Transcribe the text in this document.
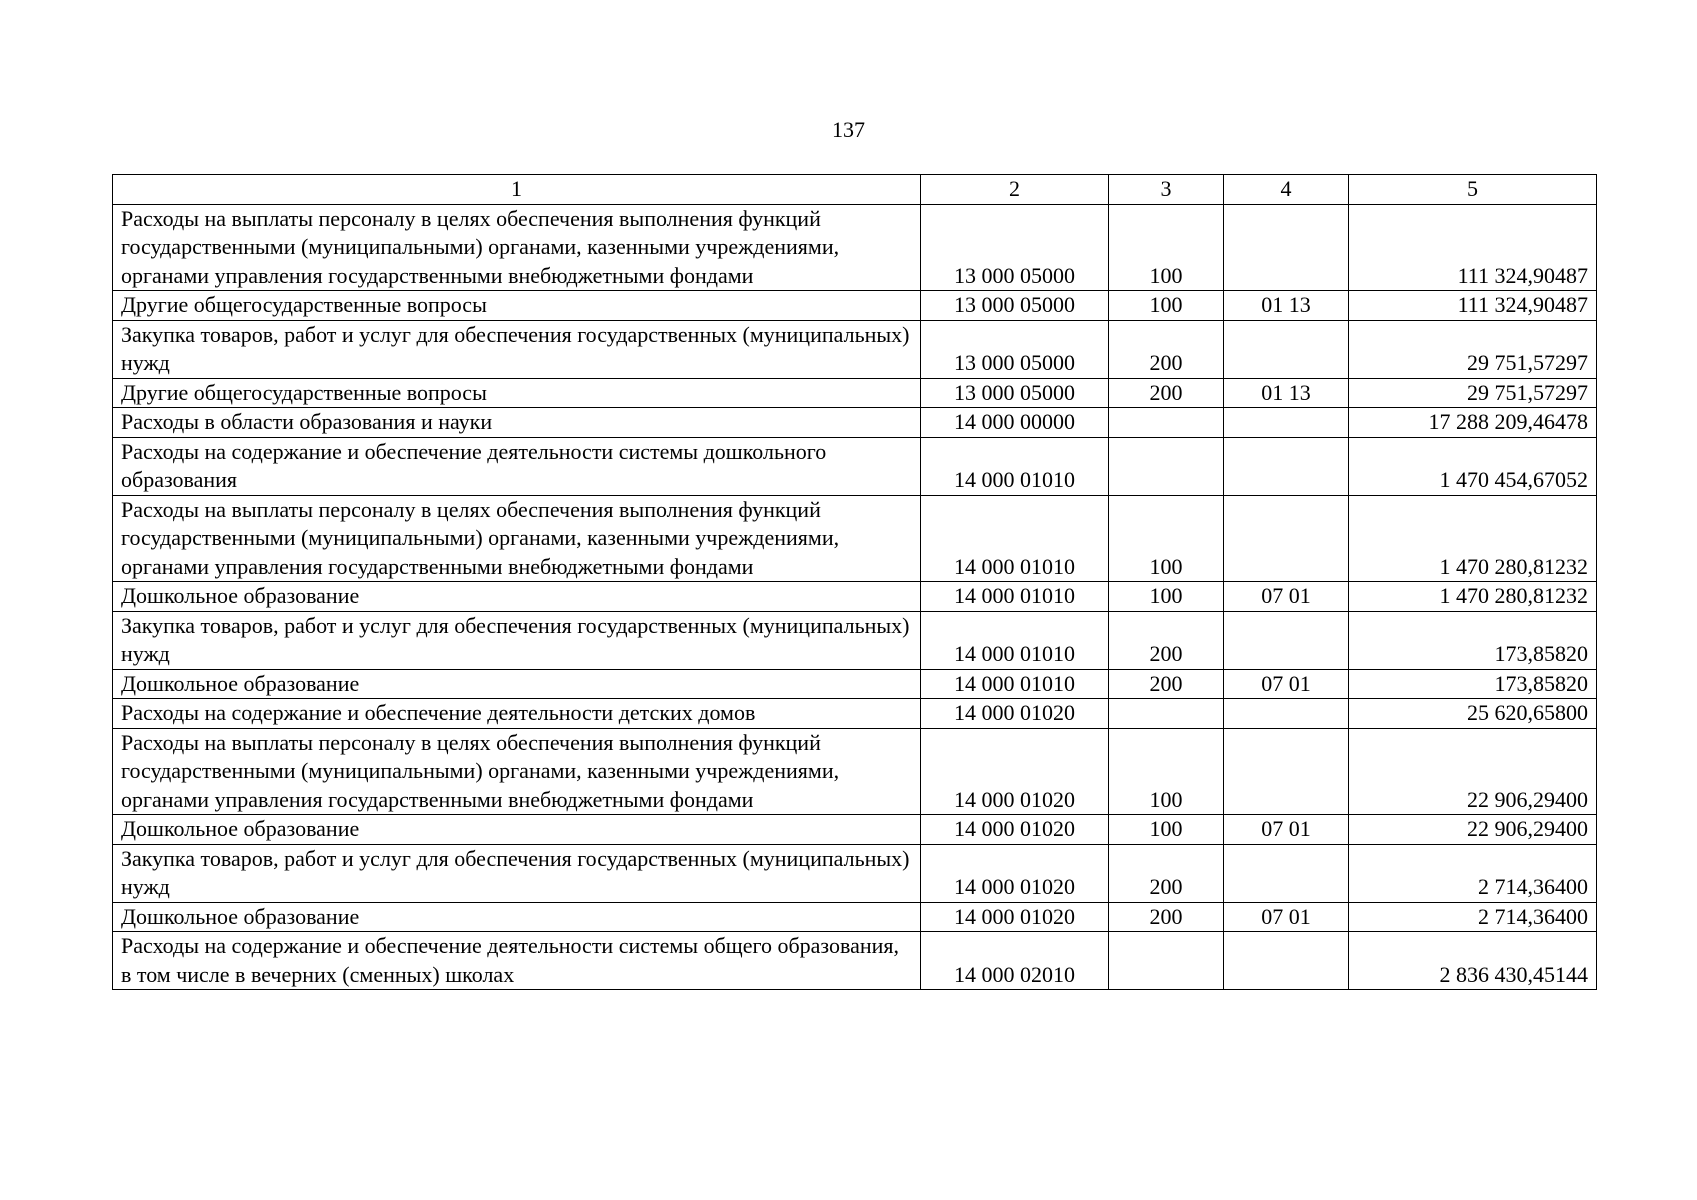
137
1	2	3	4	5
Расходы на выплаты персоналу в целях обеспечения выполнения функций государственными (муниципальными) органами, казенными учреждениями, органами управления государственными внебюджетными фондами	13 000 05000	100		111 324,90487
Другие общегосударственные вопросы	13 000 05000	100	01 13	111 324,90487
Закупка товаров, работ и услуг для обеспечения государственных (муниципальных) нужд	13 000 05000	200		29 751,57297
Другие общегосударственные вопросы	13 000 05000	200	01 13	29 751,57297
Расходы в области образования и науки	14 000 00000			17 288 209,46478
Расходы на содержание и обеспечение деятельности системы дошкольного образования	14 000 01010			1 470 454,67052
Расходы на выплаты персоналу в целях обеспечения выполнения функций государственными (муниципальными) органами, казенными учреждениями, органами управления государственными внебюджетными фондами	14 000 01010	100		1 470 280,81232
Дошкольное образование	14 000 01010	100	07 01	1 470 280,81232
Закупка товаров, работ и услуг для обеспечения государственных (муниципальных) нужд	14 000 01010	200		173,85820
Дошкольное образование	14 000 01010	200	07 01	173,85820
Расходы на содержание и обеспечение деятельности детских домов	14 000 01020			25 620,65800
Расходы на выплаты персоналу в целях обеспечения выполнения функций государственными (муниципальными) органами, казенными учреждениями, органами управления государственными внебюджетными фондами	14 000 01020	100		22 906,29400
Дошкольное образование	14 000 01020	100	07 01	22 906,29400
Закупка товаров, работ и услуг для обеспечения государственных (муниципальных) нужд	14 000 01020	200		2 714,36400
Дошкольное образование	14 000 01020	200	07 01	2 714,36400
Расходы на содержание и обеспечение деятельности системы общего образования, в том числе в вечерних (сменных) школах	14 000 02010			2 836 430,45144
